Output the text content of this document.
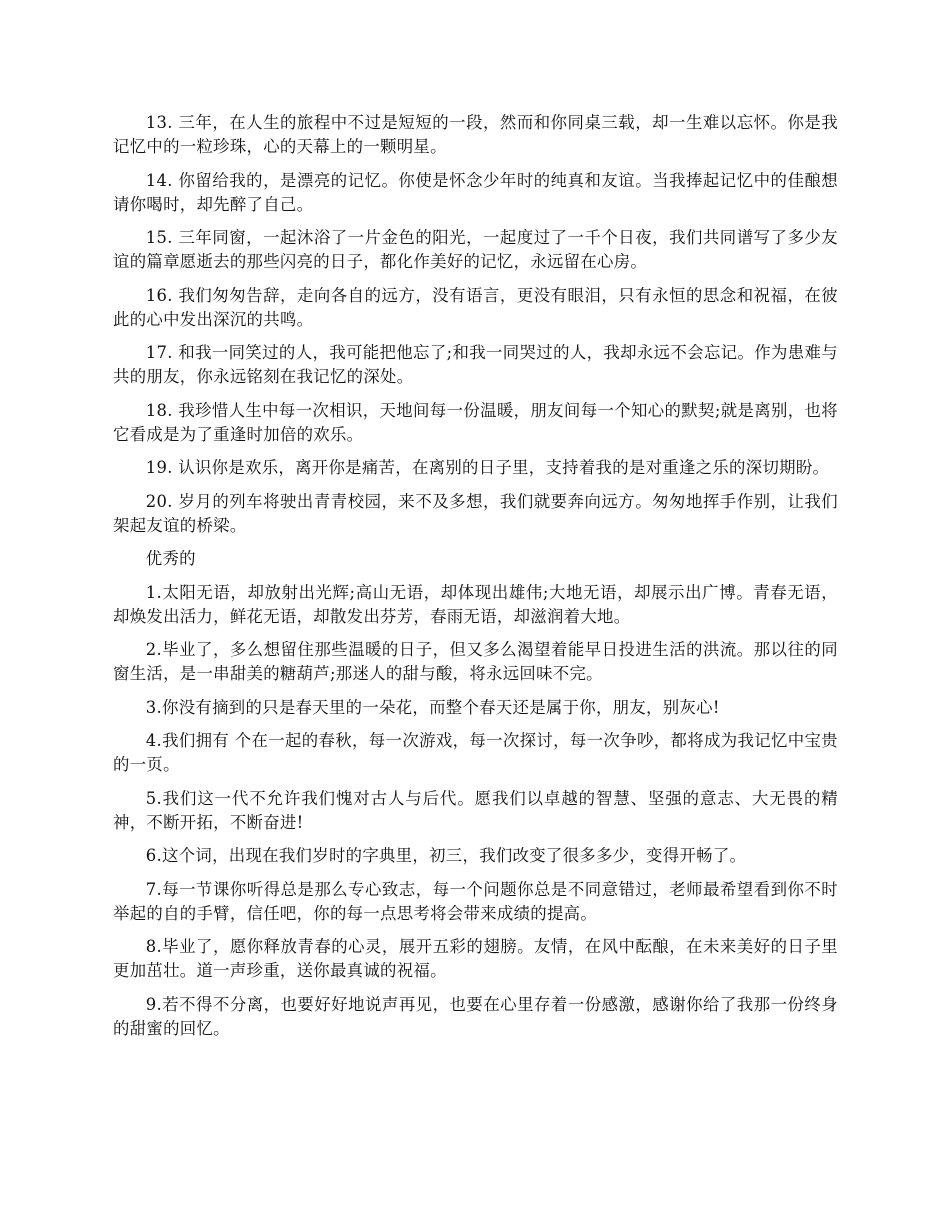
13. 三年，在人生的旅程中不过是短短的一段，然而和你同桌三载，却一生难以忘怀。你是我记忆中的一粒珍珠，心的天幕上的一颗明星。

14. 你留给我的，是漂亮的记忆。你使是怀念少年时的纯真和友谊。当我捧起记忆中的佳酿想请你喝时，却先醉了自己。

15. 三年同窗，一起沐浴了一片金色的阳光，一起度过了一千个日夜，我们共同谱写了多少友谊的篇章愿逝去的那些闪亮的日子，都化作美好的记忆，永远留在心房。

16. 我们匆匆告辞，走向各自的远方，没有语言，更没有眼泪，只有永恒的思念和祝福，在彼此的心中发出深沉的共鸣。

17. 和我一同笑过的人，我可能把他忘了;和我一同哭过的人，我却永远不会忘记。作为患难与共的朋友，你永远铭刻在我记忆的深处。

18. 我珍惜人生中每一次相识，天地间每一份温暖，朋友间每一个知心的默契;就是离别，也将它看成是为了重逢时加倍的欢乐。

19. 认识你是欢乐，离开你是痛苦，在离别的日子里，支持着我的是对重逢之乐的深切期盼。

20. 岁月的列车将驶出青青校园，来不及多想，我们就要奔向远方。匆匆地挥手作别，让我们架起友谊的桥梁。

优秀的

1.太阳无语，却放射出光辉;高山无语，却体现出雄伟;大地无语，却展示出广博。青春无语，却焕发出活力，鲜花无语，却散发出芬芳，春雨无语，却滋润着大地。

2.毕业了，多么想留住那些温暖的日子，但又多么渴望着能早日投进生活的洪流。那以往的同窗生活，是一串甜美的糖葫芦;那迷人的甜与酸，将永远回味不完。

3.你没有摘到的只是春天里的一朵花，而整个春天还是属于你，朋友，别灰心!

4.我们拥有 个在一起的春秋，每一次游戏，每一次探讨，每一次争吵，都将成为我记忆中宝贵的一页。

5.我们这一代不允许我们愧对古人与后代。愿我们以卓越的智慧、坚强的意志、大无畏的精神，不断开拓，不断奋进!

6.这个词，出现在我们岁时的字典里，初三，我们改变了很多多少，变得开畅了。

7.每一节课你听得总是那么专心致志，每一个问题你总是不同意错过，老师最希望看到你不时举起的自的手臂，信任吧，你的每一点思考将会带来成绩的提高。

8.毕业了，愿你释放青春的心灵，展开五彩的翅膀。友情，在风中酝酿，在未来美好的日子里更加茁壮。道一声珍重，送你最真诚的祝福。

9.若不得不分离，也要好好地说声再见，也要在心里存着一份感激，感谢你给了我那一份终身的甜蜜的回忆。
